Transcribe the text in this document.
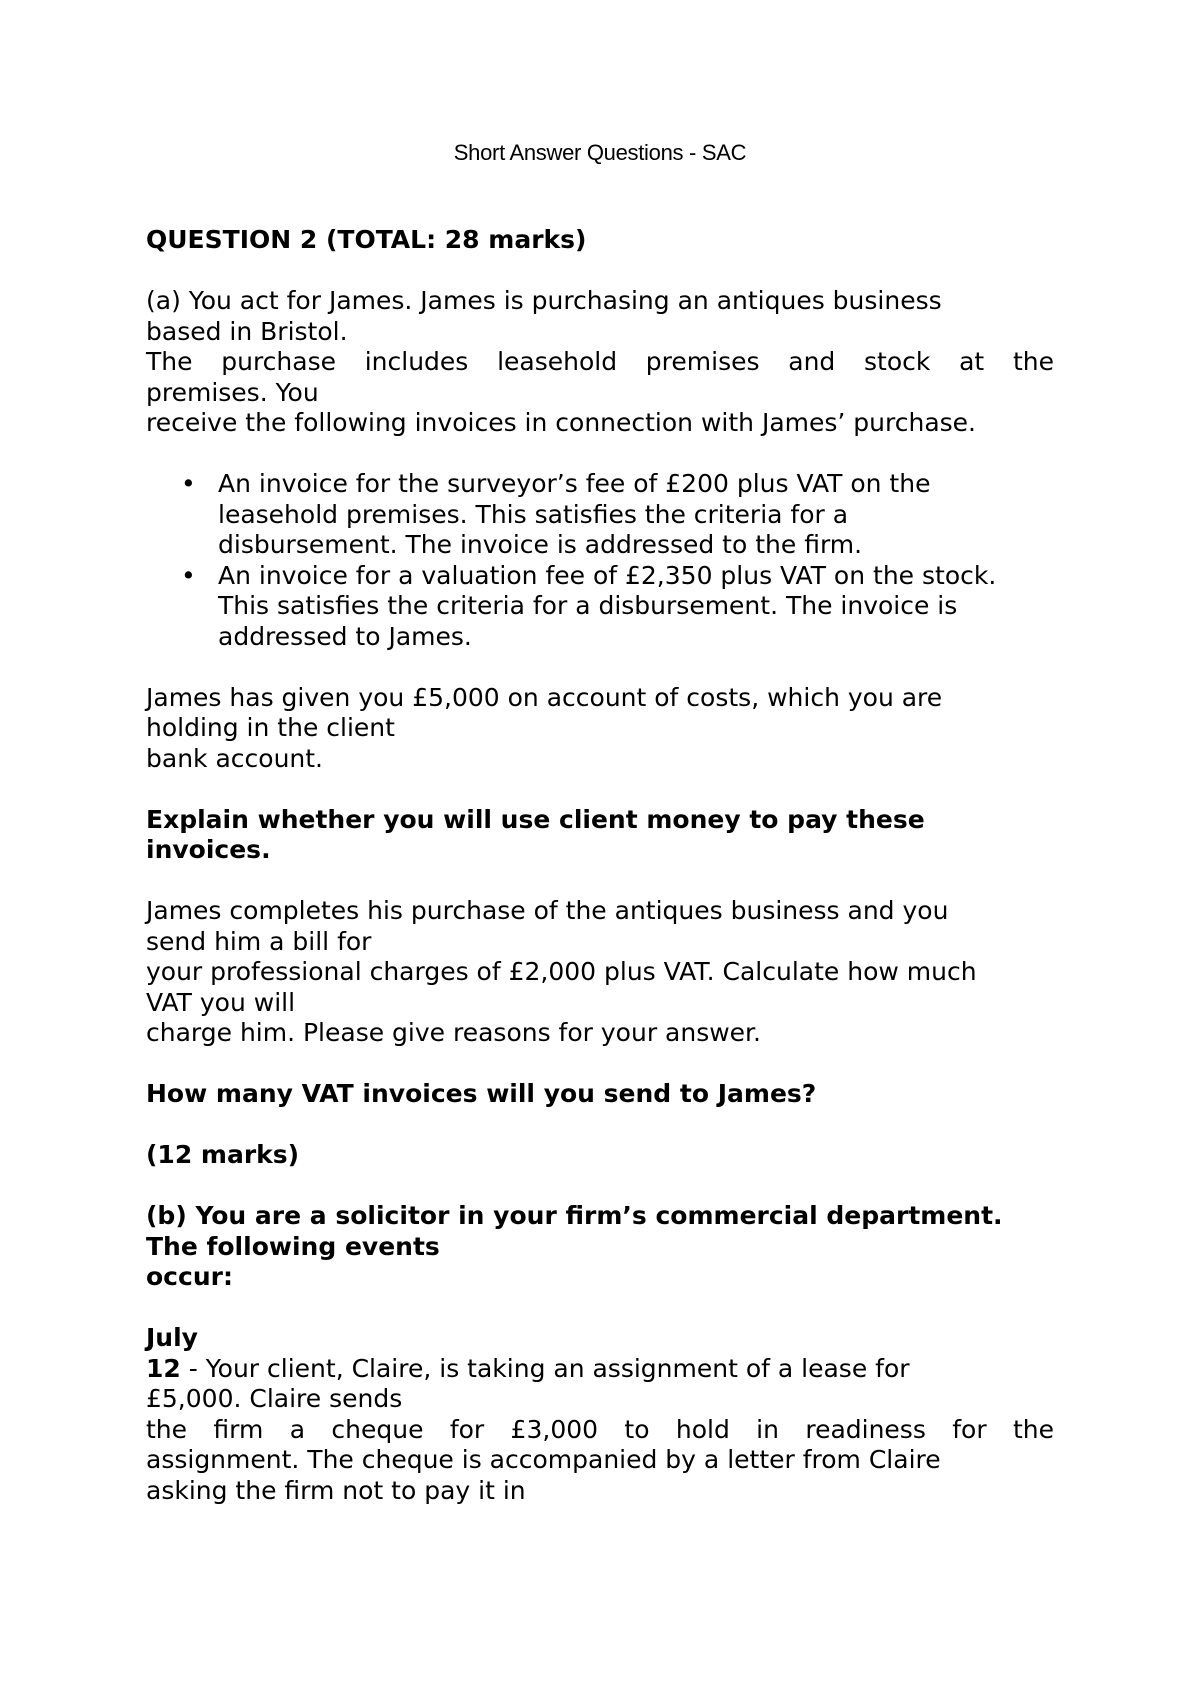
Short Answer Questions - SAC

QUESTION 2 (TOTAL: 28 marks)

(a) You act for James. James is purchasing an antiques business
based in Bristol.
The purchase includes leasehold premises and stock at the
premises. You
receive the following invoices in connection with James’ purchase.

• An invoice for the surveyor’s fee of £200 plus VAT on the
leasehold premises. This satisfies the criteria for a
disbursement. The invoice is addressed to the firm.
• An invoice for a valuation fee of £2,350 plus VAT on the stock.
This satisfies the criteria for a disbursement. The invoice is
addressed to James.

James has given you £5,000 on account of costs, which you are
holding in the client
bank account.

Explain whether you will use client money to pay these
invoices.

James completes his purchase of the antiques business and you
send him a bill for
your professional charges of £2,000 plus VAT. Calculate how much
VAT you will
charge him. Please give reasons for your answer.

How many VAT invoices will you send to James?

(12 marks)

(b) You are a solicitor in your firm’s commercial department.
The following events
occur:

July
12 - Your client, Claire, is taking an assignment of a lease for
£5,000. Claire sends
the firm a cheque for £3,000 to hold in readiness for the
assignment. The cheque is accompanied by a letter from Claire
asking the firm not to pay it in
